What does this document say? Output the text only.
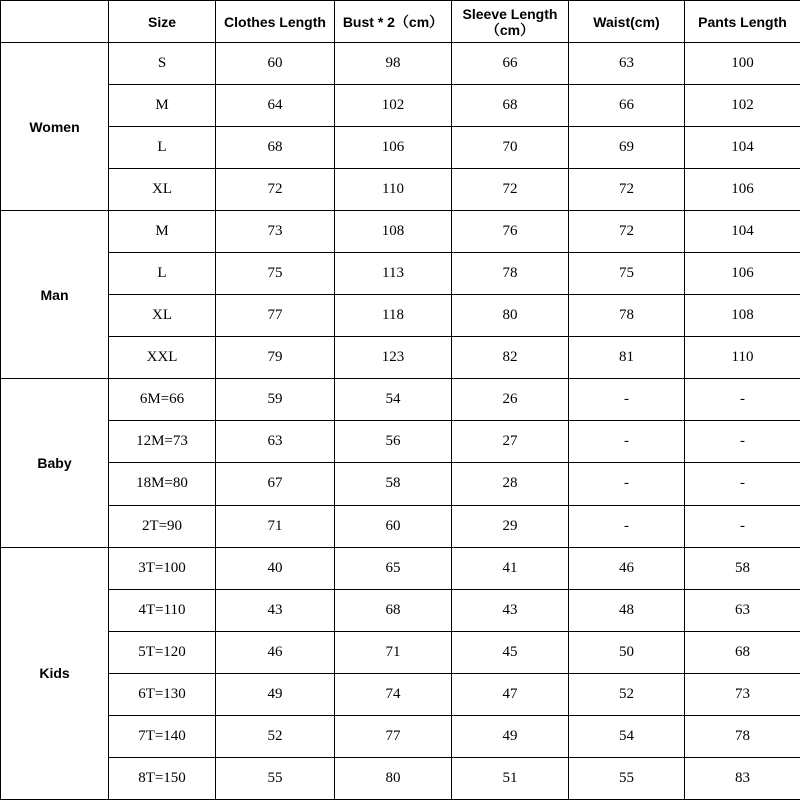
	Size	Clothes Length	Bust * 2（cm）	Sleeve Length（cm）	Waist(cm)	Pants Length
Women	S	60	98	66	63	100
	M	64	102	68	66	102
	L	68	106	70	69	104
	XL	72	110	72	72	106
Man	M	73	108	76	72	104
	L	75	113	78	75	106
	XL	77	118	80	78	108
	XXL	79	123	82	81	110
Baby	6M=66	59	54	26	-	-
	12M=73	63	56	27	-	-
	18M=80	67	58	28	-	-
	2T=90	71	60	29	-	-
Kids	3T=100	40	65	41	46	58
	4T=110	43	68	43	48	63
	5T=120	46	71	45	50	68
	6T=130	49	74	47	52	73
	7T=140	52	77	49	54	78
	8T=150	55	80	51	55	83
